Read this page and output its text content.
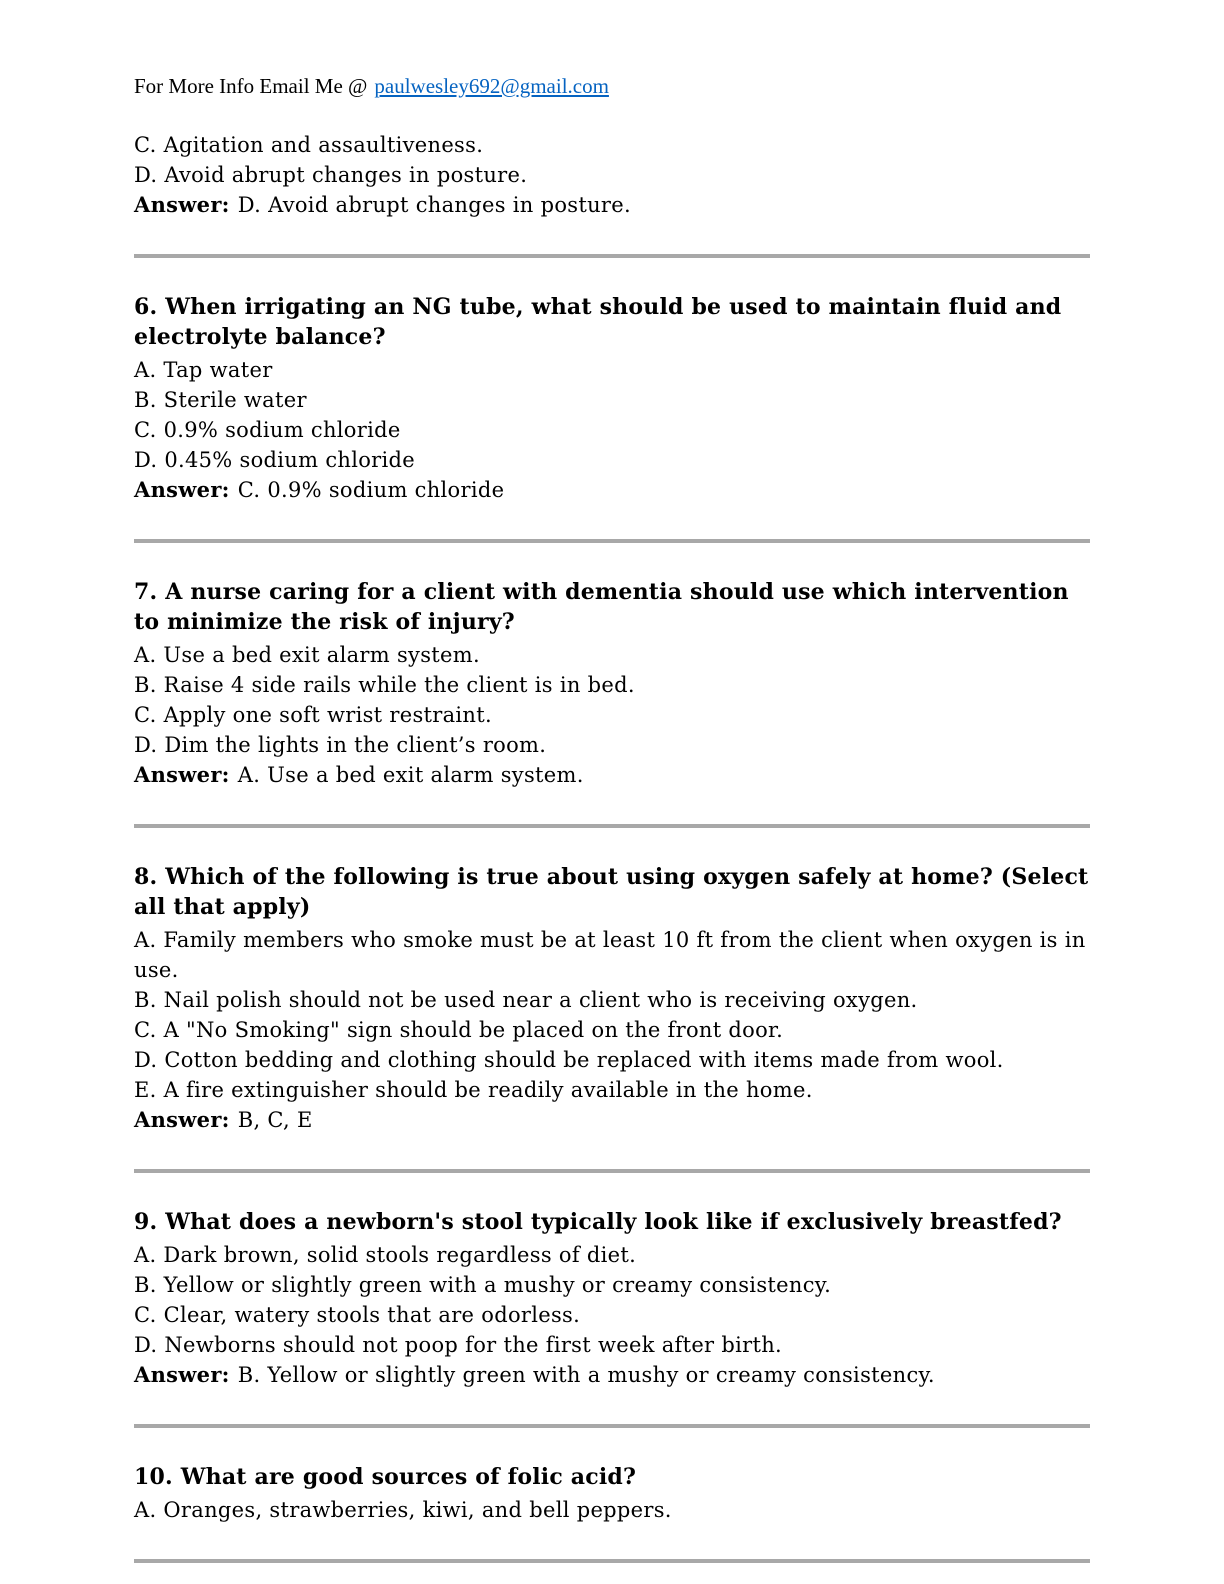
For More Info Email Me @ paulwesley692@gmail.com

C. Agitation and assaultiveness.

D. Avoid abrupt changes in posture.

Answer: D. Avoid abrupt changes in posture.

6. When irrigating an NG tube, what should be used to maintain fluid and electrolyte balance?

A. Tap water

B. Sterile water

C. 0.9% sodium chloride

D. 0.45% sodium chloride

Answer: C. 0.9% sodium chloride

7. A nurse caring for a client with dementia should use which intervention to minimize the risk of injury?

A. Use a bed exit alarm system.

B. Raise 4 side rails while the client is in bed.

C. Apply one soft wrist restraint.

D. Dim the lights in the client’s room.

Answer: A. Use a bed exit alarm system.

8. Which of the following is true about using oxygen safely at home? (Select all that apply)

A. Family members who smoke must be at least 10 ft from the client when oxygen is in use.

B. Nail polish should not be used near a client who is receiving oxygen.

C. A "No Smoking" sign should be placed on the front door.

D. Cotton bedding and clothing should be replaced with items made from wool.

E. A fire extinguisher should be readily available in the home.

Answer: B, C, E

9. What does a newborn's stool typically look like if exclusively breastfed?

A. Dark brown, solid stools regardless of diet.

B. Yellow or slightly green with a mushy or creamy consistency.

C. Clear, watery stools that are odorless.

D. Newborns should not poop for the first week after birth.

Answer: B. Yellow or slightly green with a mushy or creamy consistency.

10. What are good sources of folic acid?

A. Oranges, strawberries, kiwi, and bell peppers.
